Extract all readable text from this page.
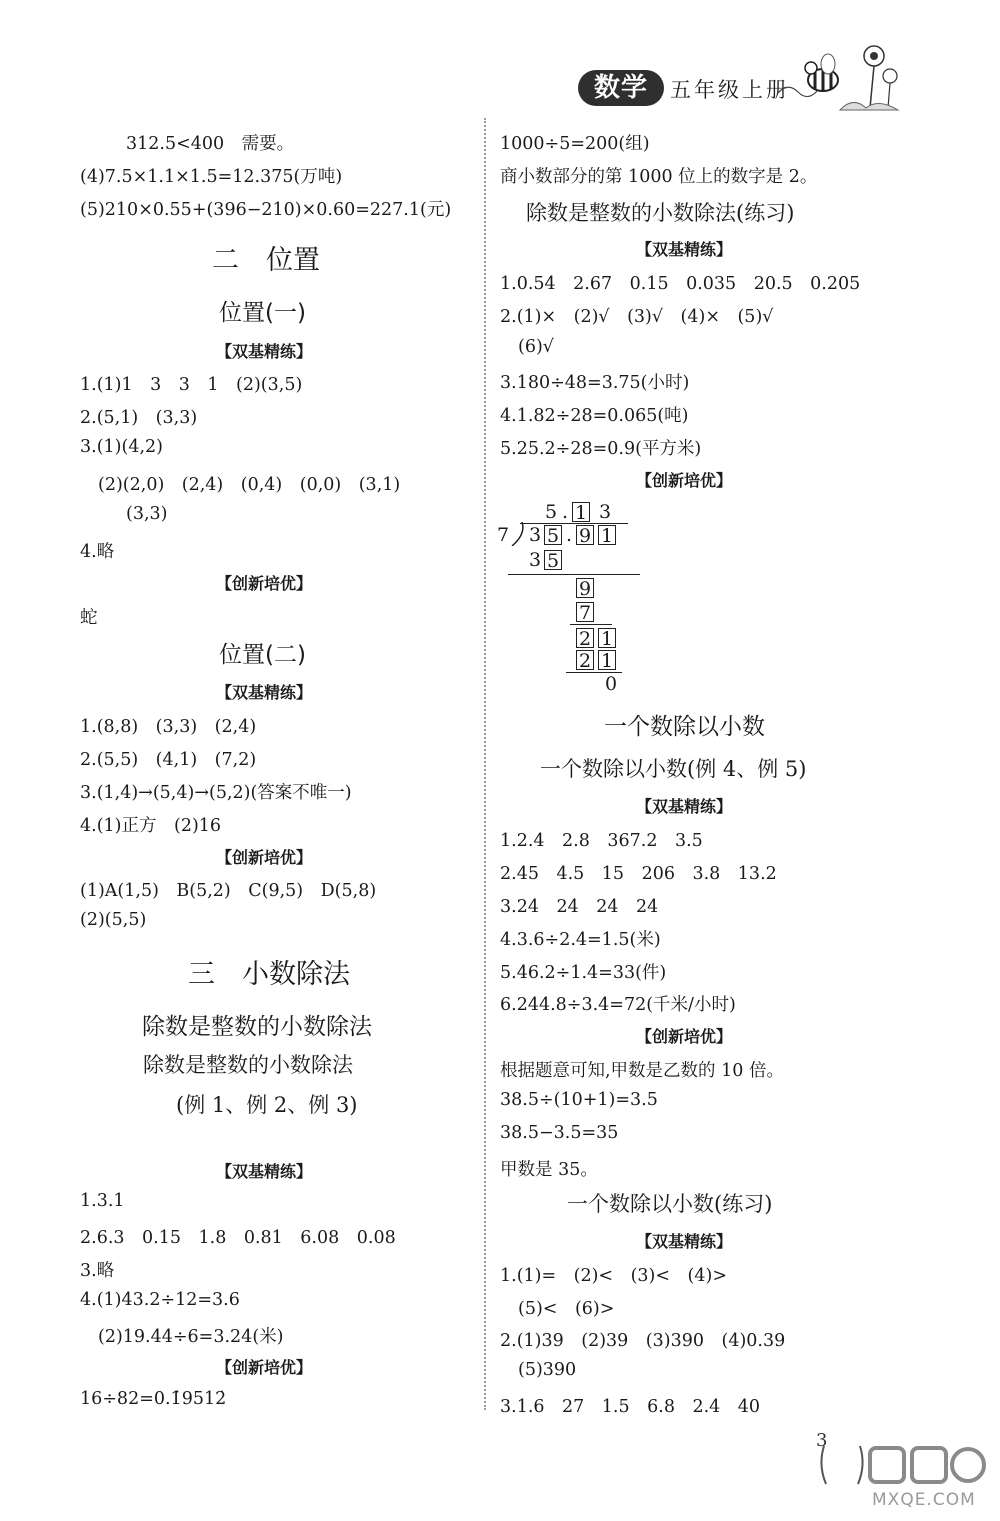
数学	五年级上册
312.5<400　需要。
(4)7.5×1.1×1.5=12.375(万吨)
(5)210×0.55+(396−210)×0.60=227.1(元)
二　位置
位置(一)
【双基精练】
1.(1)1　3　3　1　(2)(3,5)
2.(5,1)　(3,3)
3.(1)(4,2)
(2)(2,0)　(2,4)　(0,4)　(0,0)　(3,1)
(3,3)
4.略
【创新培优】
蛇
位置(二)
【双基精练】
1.(8,8)　(3,3)　(2,4)
2.(5,5)　(4,1)　(7,2)
3.(1,4)→(5,4)→(5,2)(答案不唯一)
4.(1)正方　(2)16
【创新培优】
(1)A(1,5)　B(5,2)　C(9,5)　D(5,8)
(2)(5,5)
三　小数除法
除数是整数的小数除法
除数是整数的小数除法
(例 1、例 2、例 3)
【双基精练】
1.3.1
2.6.3　0.15　1.8　0.81　6.08　0.08
3.略
4.(1)43.2÷12=3.6
(2)19.44÷6=3.24(米)
【创新培优】
16÷82=0.1̇9512̇
1000÷5=200(组)
商小数部分的第 1000 位上的数字是 2。
除数是整数的小数除法(练习)
【双基精练】
1.0.54　2.67　0.15　0.035　20.5　0.205
2.(1)×　(2)√　(3)√　(4)×　(5)√
(6)√
3.180÷48=3.75(小时)
4.1.82÷28=0.065(吨)
5.25.2÷28=0.9(平方米)
【创新培优】
5 . 1 3
7 3 5 . 9 1
3 5
9
7
2 1
2 1
0
一个数除以小数
一个数除以小数(例 4、例 5)
【双基精练】
1.2.4　2.8　367.2　3.5
2.45　4.5　15　206　3.8　13.2
3.24　24　24　24
4.3.6÷2.4=1.5(米)
5.46.2÷1.4=33(件)
6.244.8÷3.4=72(千米/小时)
【创新培优】
根据题意可知,甲数是乙数的 10 倍。
38.5÷(10+1)=3.5
38.5−3.5=35
甲数是 35。
一个数除以小数(练习)
【双基精练】
1.(1)=　(2)<　(3)<　(4)>
(5)<　(6)>
2.(1)39　(2)39　(3)390　(4)0.39
(5)390
3.1.6　27　1.5　6.8　2.4　40
3
MXQE.COM
